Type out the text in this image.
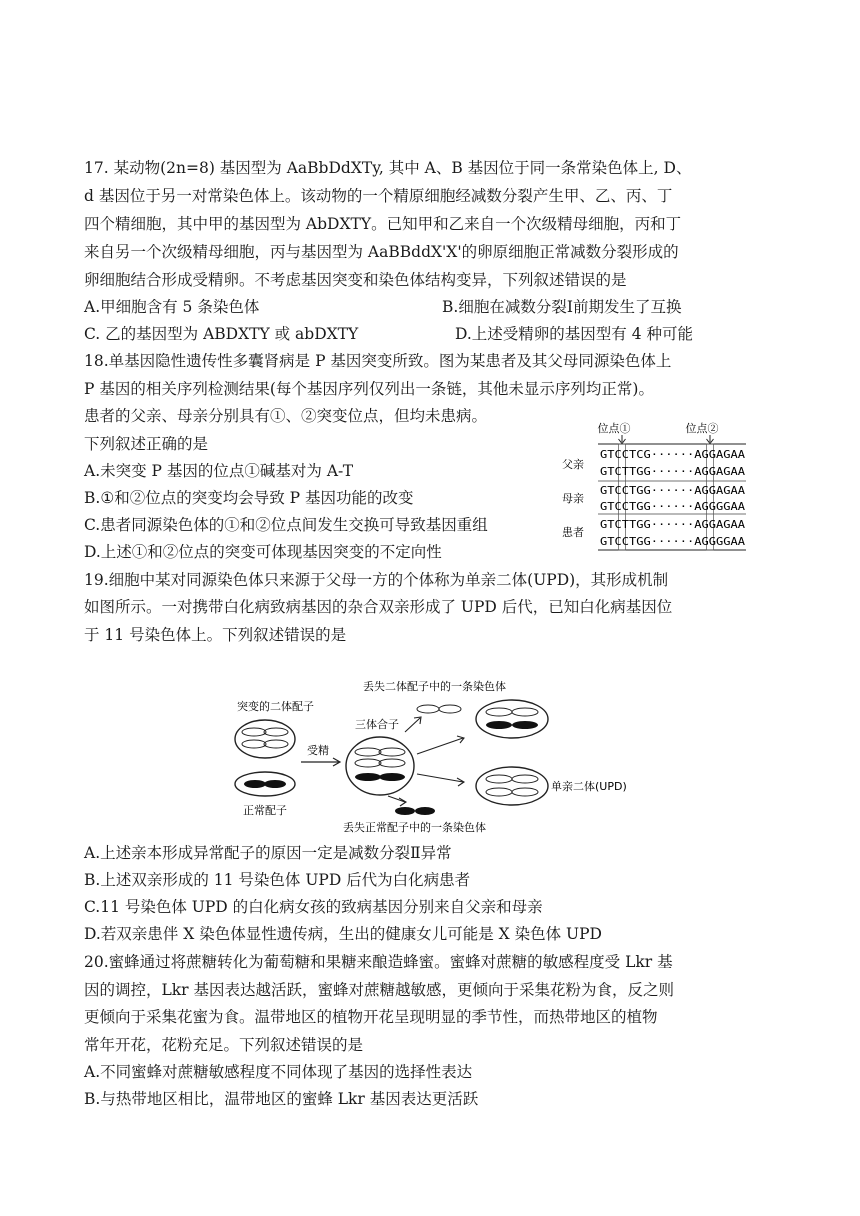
17. 某动物(2n=8) 基因型为 AaBbDdXTy, 其中 A、B 基因位于同一条常染色体上, D、
d 基因位于另一对常染色体上。该动物的一个精原细胞经减数分裂产生甲、乙、丙、丁
四个精细胞，其中甲的基因型为 AbDXTY。已知甲和乙来自一个次级精母细胞，丙和丁
来自另一个次级精母细胞，丙与基因型为 AaBBddX'X'的卵原细胞正常减数分裂形成的
卵细胞结合形成受精卵。不考虑基因突变和染色体结构变异，下列叙述错误的是
A.甲细胞含有 5 条染色体	B.细胞在减数分裂Ⅰ前期发生了互换
C. 乙的基因型为 ABDXTY 或 abDXTY	D.上述受精卵的基因型有 4 种可能
18.单基因隐性遗传性多囊肾病是 P 基因突变所致。图为某患者及其父母同源染色体上
P 基因的相关序列检测结果(每个基因序列仅列出一条链，其他未显示序列均正常)。
患者的父亲、母亲分别具有①、②突变位点，但均未患病。
下列叙述正确的是
A.未突变 P 基因的位点①碱基对为 A-T
B.①和②位点的突变均会导致 P 基因功能的改变
C.患者同源染色体的①和②位点间发生交换可导致基因重组
D.上述①和②位点的突变可体现基因突变的不定向性
位点①	位点②
父亲
GTCCTCG······AGGAGAA
GTCTTGG······AGGAGAA
母亲
GTCCTGG······AGGAGAA
GTCCTGG······AGGGGAA
患者
GTCTTGG······AGGAGAA
GTCCTGG······AGGGGAA
19.细胞中某对同源染色体只来源于父母一方的个体称为单亲二体(UPD)，其形成机制
如图所示。一对携带白化病致病基因的杂合双亲形成了 UPD 后代，已知白化病基因位
于 11 号染色体上。下列叙述错误的是
突变的二体配子
正常配子
受精
三体合子
丢失二体配子中的一条染色体
单亲二体(UPD)
丢失正常配子中的一条染色体
A.上述亲本形成异常配子的原因一定是减数分裂Ⅱ异常
B.上述双亲形成的 11 号染色体 UPD 后代为白化病患者
C.11 号染色体 UPD 的白化病女孩的致病基因分别来自父亲和母亲
D.若双亲患伴 X 染色体显性遗传病，生出的健康女儿可能是 X 染色体 UPD
20.蜜蜂通过将蔗糖转化为葡萄糖和果糖来酿造蜂蜜。蜜蜂对蔗糖的敏感程度受 Lkr 基
因的调控，Lkr 基因表达越活跃，蜜蜂对蔗糖越敏感，更倾向于采集花粉为食，反之则
更倾向于采集花蜜为食。温带地区的植物开花呈现明显的季节性，而热带地区的植物
常年开花，花粉充足。下列叙述错误的是
A.不同蜜蜂对蔗糖敏感程度不同体现了基因的选择性表达
B.与热带地区相比，温带地区的蜜蜂 Lkr 基因表达更活跃
